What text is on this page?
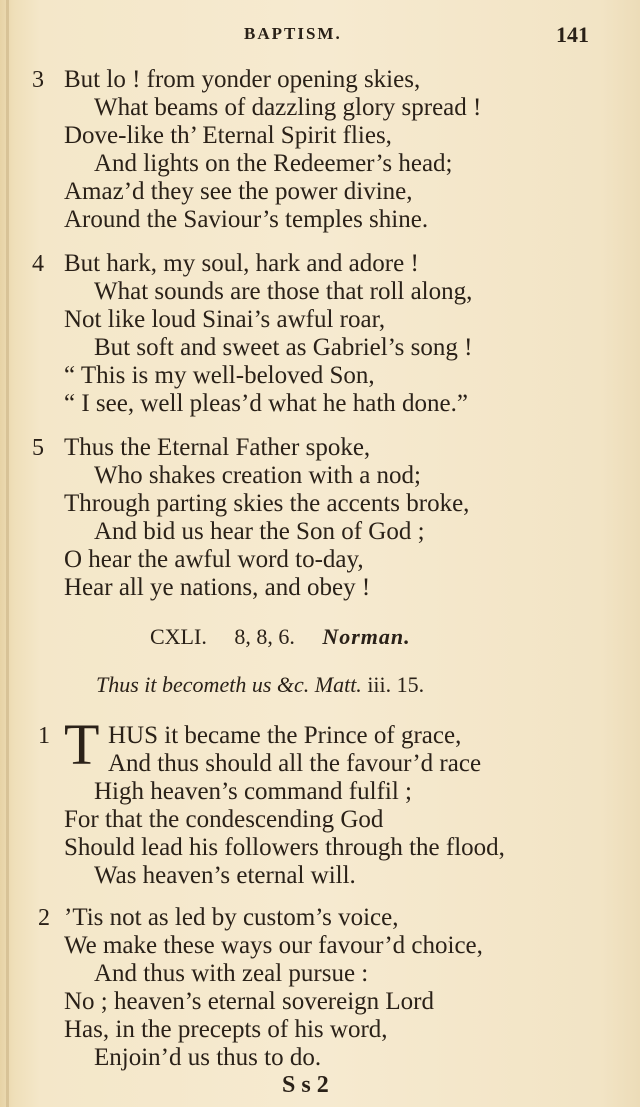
BAPTISM.	141
3 But lo ! from yonder opening skies,
What beams of dazzling glory spread !
Dove-like th’ Eternal Spirit flies,
And lights on the Redeemer’s head;
Amaz’d they see the power divine,
Around the Saviour’s temples shine.
4 But hark, my soul, hark and adore !
What sounds are those that roll along,
Not like loud Sinai’s awful roar,
But soft and sweet as Gabriel’s song !
“ This is my well-beloved Son,
“ I see, well pleas’d what he hath done.”
5 Thus the Eternal Father spoke,
Who shakes creation with a nod;
Through parting skies the accents broke,
And bid us hear the Son of God ;
O hear the awful word to-day,
Hear all ye nations, and obey !
CXLI. 8, 8, 6. Norman.
Thus it becometh us &c. Matt. iii. 15.
1 T HUS it became the Prince of grace,
And thus should all the favour’d race
High heaven’s command fulfil ;
For that the condescending God
Should lead his followers through the flood,
Was heaven’s eternal will.
2 ’Tis not as led by custom’s voice,
We make these ways our favour’d choice,
And thus with zeal pursue :
No ; heaven’s eternal sovereign Lord
Has, in the precepts of his word,
Enjoin’d us thus to do.
S s 2
